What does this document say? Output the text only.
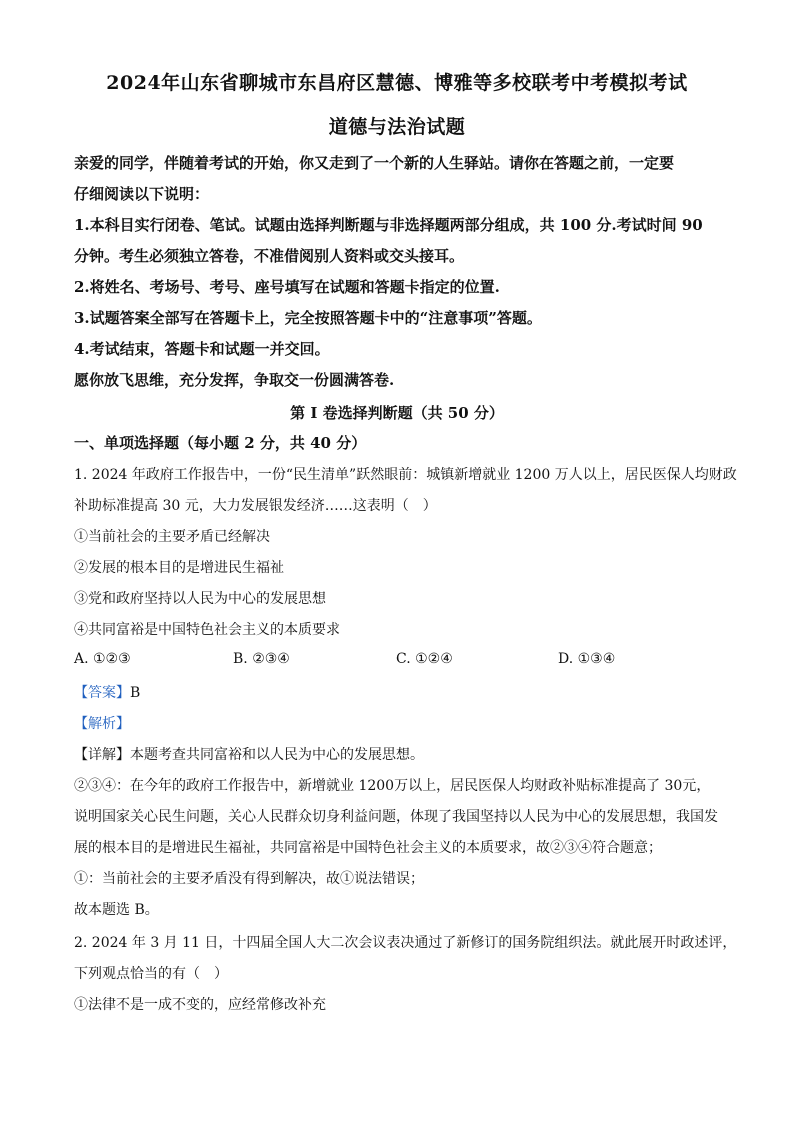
2024年山东省聊城市东昌府区慧德、博雅等多校联考中考模拟考试
道德与法治试题
亲爱的同学，伴随着考试的开始，你又走到了一个新的人生驿站。请你在答题之前，一定要
仔细阅读以下说明：
1.本科目实行闭卷、笔试。试题由选择判断题与非选择题两部分组成，共 100 分.考试时间 90
分钟。考生必须独立答卷，不准借阅别人资料或交头接耳。
2.将姓名、考场号、考号、座号填写在试题和答题卡指定的位置.
3.试题答案全部写在答题卡上，完全按照答题卡中的“注意事项”答题。
4.考试结束，答题卡和试题一并交回。
愿你放飞思维，充分发挥，争取交一份圆满答卷.
第 I 卷选择判断题（共 50 分）
一、单项选择题（每小题 2 分，共 40 分）
1. 2024 年政府工作报告中，一份“民生清单”跃然眼前：城镇新增就业 1200 万人以上，居民医保人均财政
补助标准提高 30 元，大力发展银发经济……这表明（　）
①当前社会的主要矛盾已经解决
②发展的根本目的是增进民生福祉
③党和政府坚持以人民为中心的发展思想
④共同富裕是中国特色社会主义的本质要求
A. ①②③	B. ②③④	C. ①②④	D. ①③④
【答案】B
【解析】
【详解】本题考查共同富裕和以人民为中心的发展思想。
②③④：在今年的政府工作报告中，新增就业 1200万以上，居民医保人均财政补贴标准提高了 30元，
说明国家关心民生问题，关心人民群众切身利益问题，体现了我国坚持以人民为中心的发展思想，我国发
展的根本目的是增进民生福祉，共同富裕是中国特色社会主义的本质要求，故②③④符合题意；
①：当前社会的主要矛盾没有得到解决，故①说法错误；
故本题选 B。
2. 2024 年 3 月 11 日，十四届全国人大二次会议表决通过了新修订的国务院组织法。就此展开时政述评，
下列观点恰当的有（　）
①法律不是一成不变的，应经常修改补充
